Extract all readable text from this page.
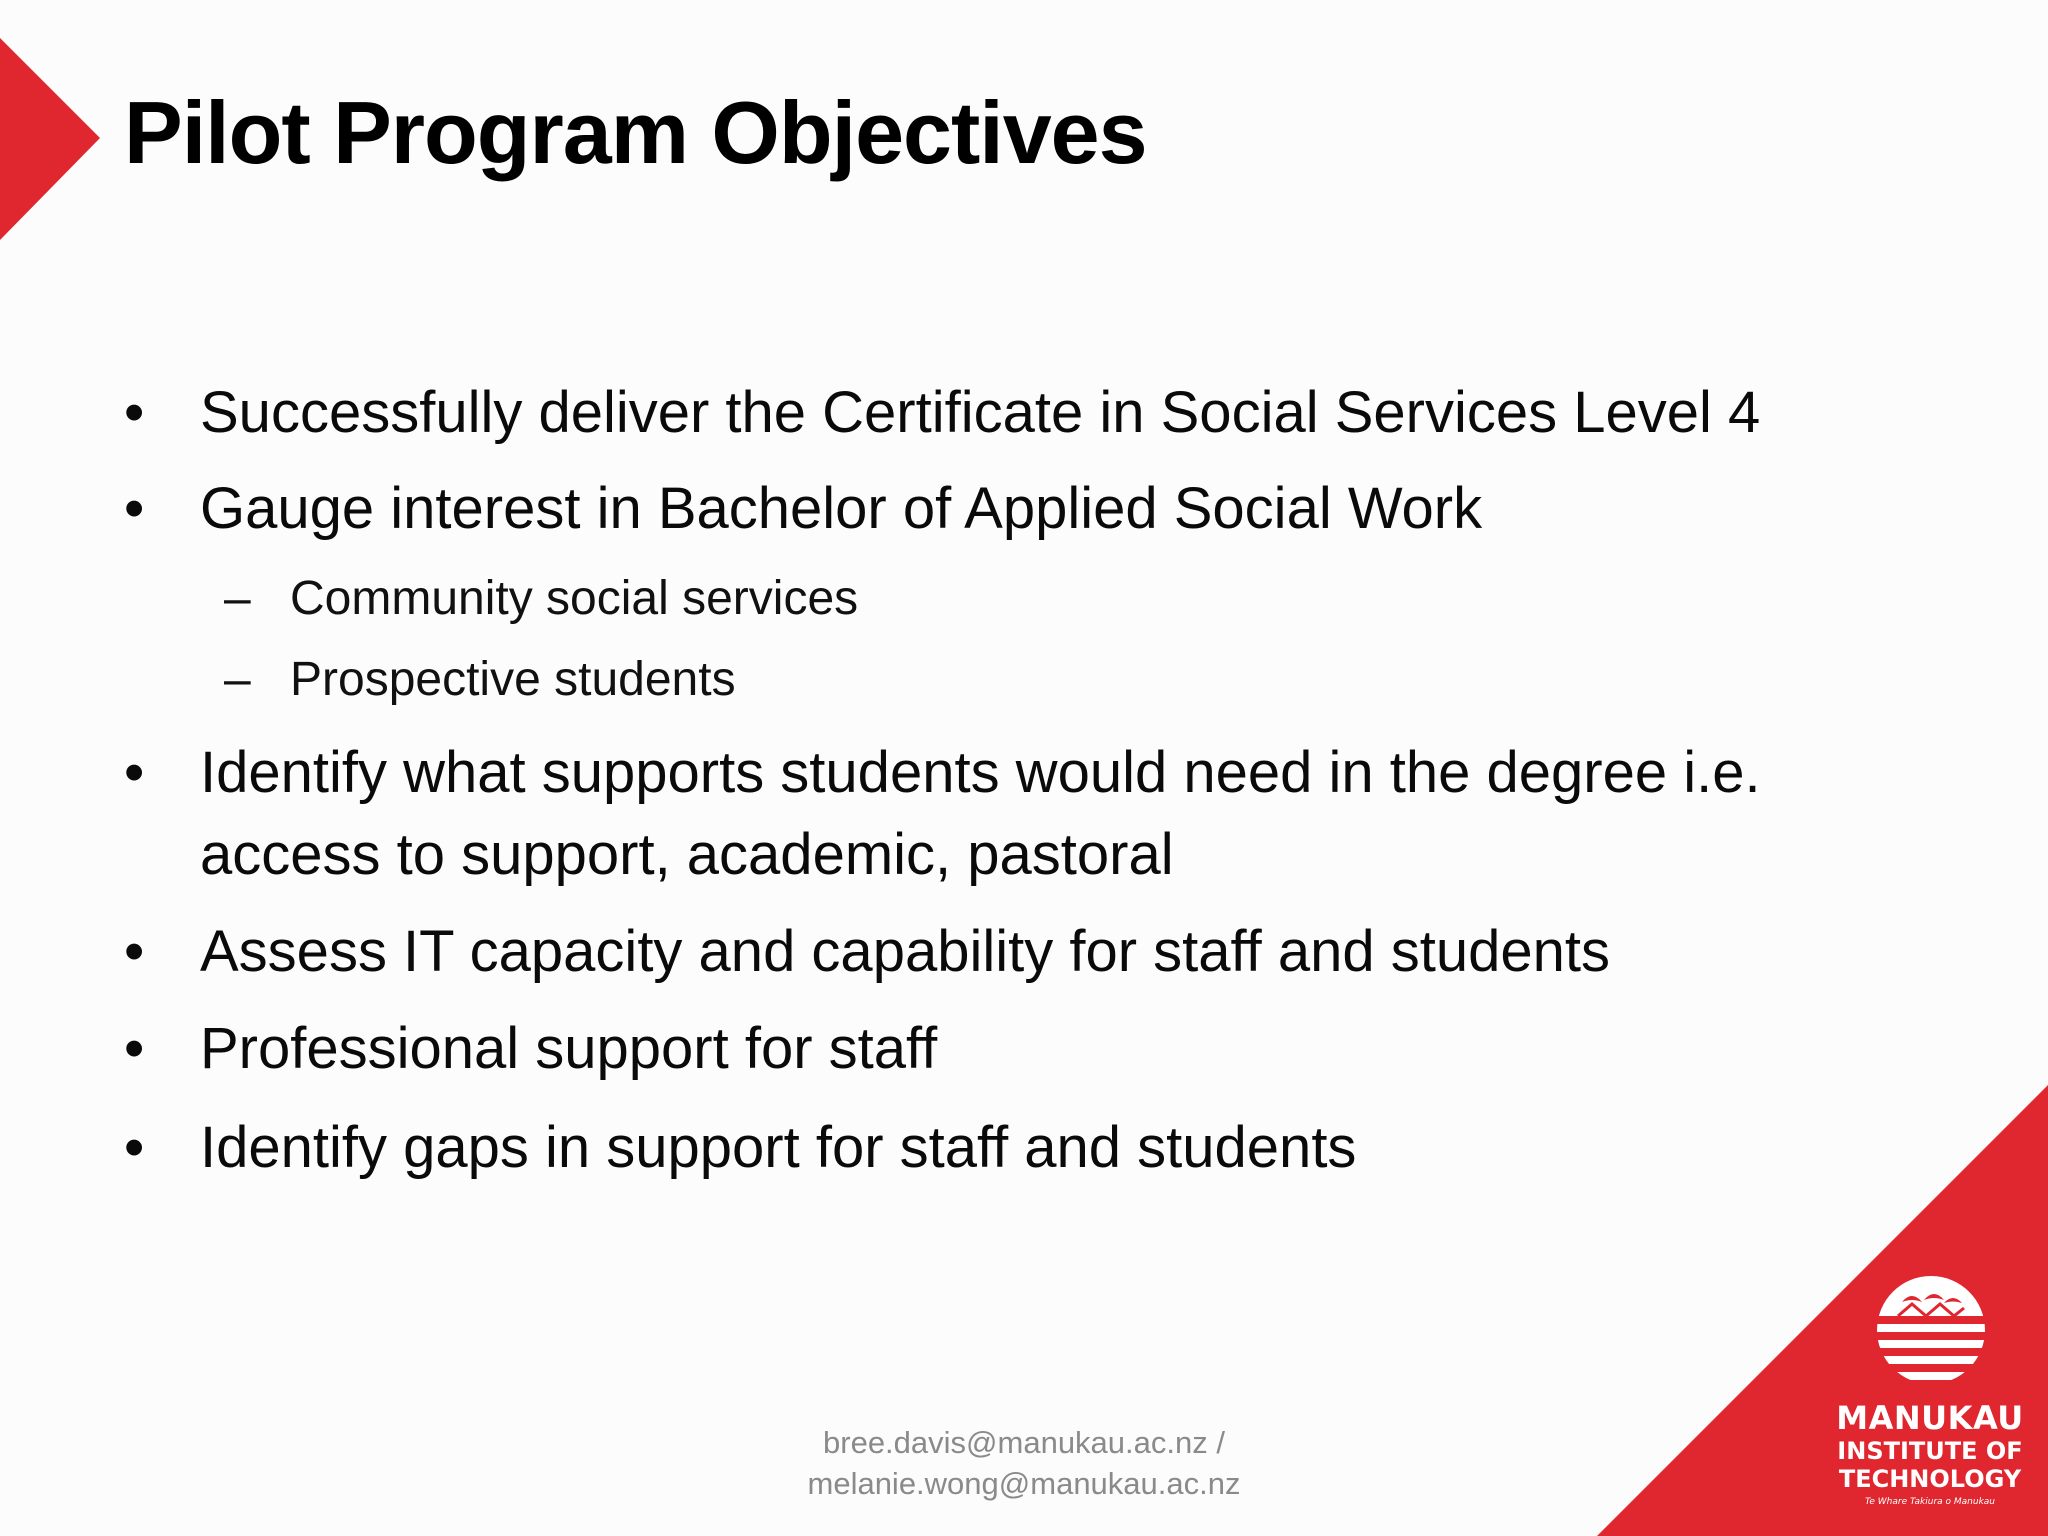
Pilot Program Objectives
• Successfully deliver the Certificate in Social Services Level 4
• Gauge interest in Bachelor of Applied Social Work
– Community social services
– Prospective students
• Identify what supports students would need in the degree i.e.
access to support, academic, pastoral
• Assess IT capacity and capability for staff and students
• Professional support for staff
• Identify gaps in support for staff and students
bree.davis@manukau.ac.nz /
melanie.wong@manukau.ac.nz
MANUKAU
INSTITUTE OF
TECHNOLOGY
Te Whare Takiura o Manukau
